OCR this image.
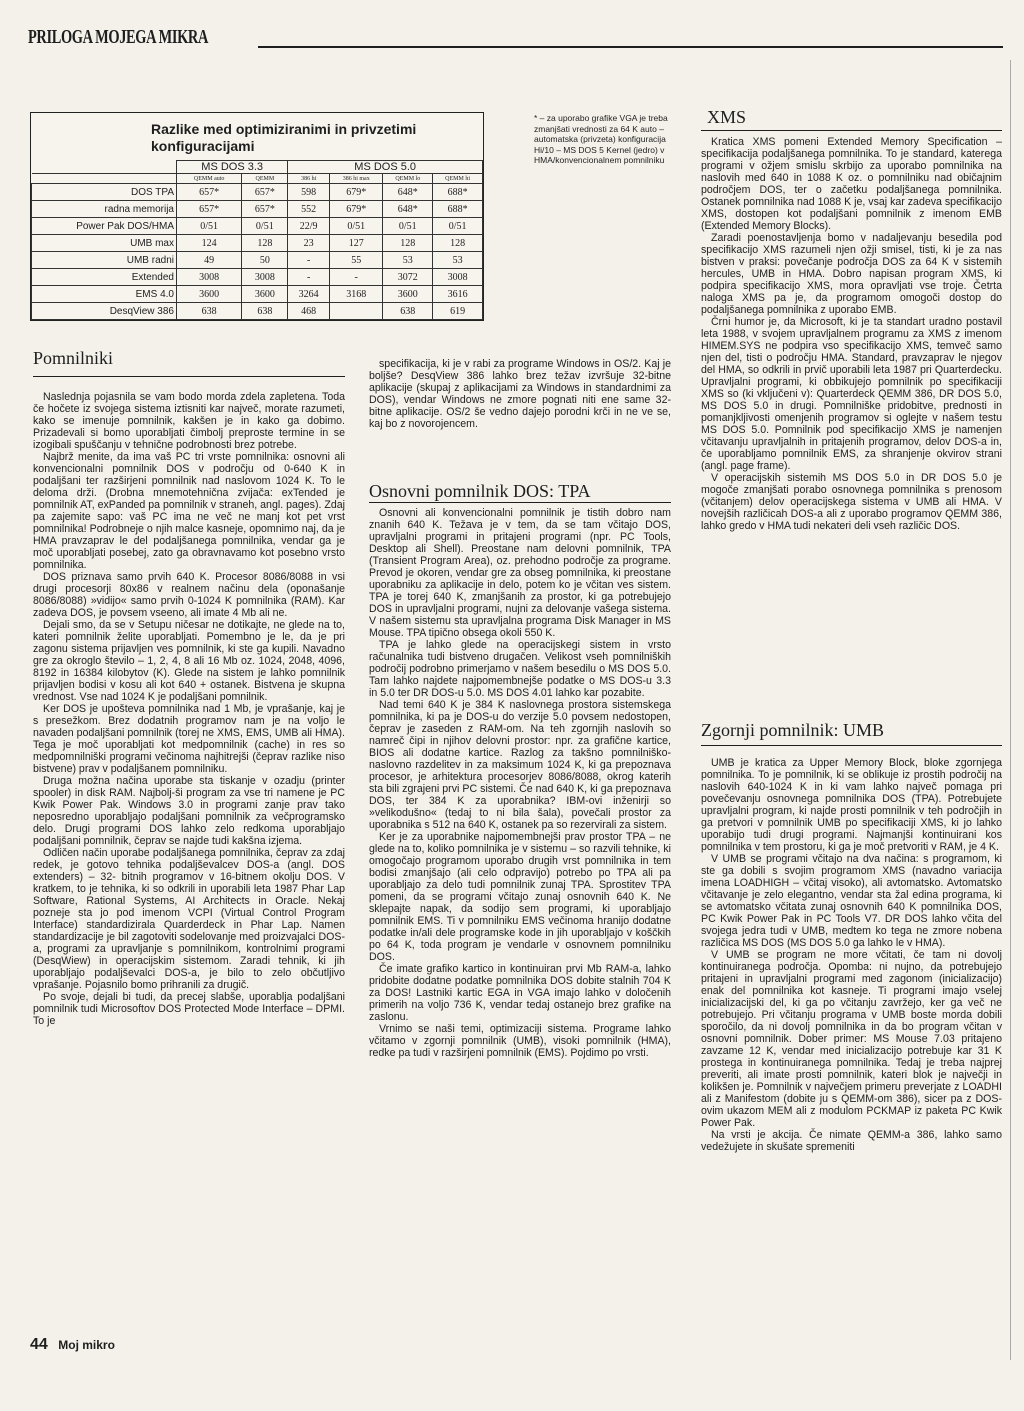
PRILOGA MOJEGA MIKRA
Razlike med optimiziranimi in privzetimi konfiguracijami
	MS DOS 3.3		MS DOS 5.0			
	QEMM auto	QEMM	386 hi	386 hi max	QEMM lo	QEMM hi
DOS TPA	657*	657*	598	679*	648*	688*
radna memorija	657*	657*	552	679*	648*	688*
Power Pak DOS/HMA	0/51	0/51	22/9	0/51	0/51	0/51
UMB max	124	128	23	127	128	128
UMB radni	49	50	-	55	53	53
Extended	3008	3008	-	-	3072	3008
EMS 4.0	3600	3600	3264	3168	3600	3616
DesqView 386	638	638	468		638	619
* – za uporabo grafike VGA je treba zmanjšati vrednosti za 64 K auto – automatska (privzeta) konfiguracija Hi/10 – MS DOS 5 Kernel (jedro) v HMA/konvencionalnem pomnilniku
Pomnilniki

Naslednja pojasnila se vam bodo morda zdela zapletena. Toda če hočete iz svojega sistema iztisniti kar največ, morate razumeti, kako se imenuje pomnilnik, kakšen je in kako ga dobimo. Prizadevali si bomo uporabljati čimbolj preproste termine in se izogibali spuščanju v tehnične podrobnosti brez potrebe.

Najbrž menite, da ima vaš PC tri vrste pomnilnika: osnovni ali konvencionalni pomnilnik DOS v področju od 0-640 K in podaljšani ter razširjeni pomnilnik nad naslovom 1024 K. To le deloma drži. (Drobna mnemotehnična zvijača: exTended je pomnilnik AT, exPanded pa pomnilnik v straneh, angl. pages). Zdaj pa zajemite sapo: vaš PC ima ne več ne manj kot pet vrst pomnilnika! Podrobneje o njih malce kasneje, opomnimo naj, da je HMA pravzaprav le del podaljšanega pomnilnika, vendar ga je moč uporabljati posebej, zato ga obravnavamo kot posebno vrsto pomnilnika.

DOS priznava samo prvih 640 K. Procesor 8086/8088 in vsi drugi procesorji 80x86 v realnem načinu dela (oponašanje 8086/8088) »vidijo« samo prvih 0-1024 K pomnilnika (RAM). Kar zadeva DOS, je povsem vseeno, ali imate 4 Mb ali ne.

Dejali smo, da se v Setupu ničesar ne dotikajte, ne glede na to, kateri pomnilnik želite uporabljati. Pomembno je le, da je pri zagonu sistema prijavljen ves pomnilnik, ki ste ga kupili. Navadno gre za okroglo število – 1, 2, 4, 8 ali 16 Mb oz. 1024, 2048, 4096, 8192 in 16384 kilobytov (K). Glede na sistem je lahko pomnilnik prijavljen bodisi v kosu ali kot 640 + ostanek. Bistvena je skupna vrednost. Vse nad 1024 K je podaljšani pomnilnik.

Ker DOS je upošteva pomnilnika nad 1 Mb, je vprašanje, kaj je s presežkom. Brez dodatnih programov nam je na voljo le navaden podaljšani pomnilnik (torej ne XMS, EMS, UMB ali HMA). Tega je moč uporabljati kot medpomnilnik (cache) in res so medpomnilniški programi večinoma najhitrejši (čeprav razlike niso bistvene) prav v podaljšanem pomnilniku.

Druga možna načina uporabe sta tiskanje v ozadju (printer spooler) in disk RAM. Najbolj-ši program za vse tri namene je PC Kwik Power Pak. Windows 3.0 in programi zanje prav tako neposredno uporabljajo podaljšani pomnilnik za večprogramsko delo. Drugi programi DOS lahko zelo redkoma uporabljajo podaljšani pomnilnik, čeprav se najde tudi kakšna izjema.

Odličen način uporabe podaljšanega pomnilnika, čeprav za zdaj redek, je gotovo tehnika podaljševalcev DOS-a (angl. DOS extenders) – 32- bitnih programov v 16-bitnem okolju DOS. V kratkem, to je tehnika, ki so odkrili in uporabili leta 1987 Phar Lap Software, Rational Systems, AI Architects in Oracle. Nekaj pozneje sta jo pod imenom VCPI (Virtual Control Program Interface) standardizirala Quarderdeck in Phar Lap. Namen standardizacije je bil zagotoviti sodelovanje med proizvajalci DOS-a, programi za upravljanje s pomnilnikom, kontrolnimi programi (DesqWiew) in operacijskim sistemom. Zaradi tehnik, ki jih uporabljajo podaljševalci DOS-a, je bilo to zelo občutljivo vprašanje. Pojasnilo bomo prihranili za drugič.

Po svoje, dejali bi tudi, da precej slabše, uporablja podaljšani pomnilnik tudi Microsoftov DOS Protected Mode Interface – DPMI. To je

specifikacija, ki je v rabi za programe Windows in OS/2. Kaj je boljše? DesqView 386 lahko brez težav izvršuje 32-bitne aplikacije (skupaj z aplikacijami za Windows in standardnimi za DOS), vendar Windows ne zmore pognati niti ene same 32-bitne aplikacije. OS/2 še vedno dajejo porodni krči in ne ve se, kaj bo z novorojencem.

Osnovni pomnilnik DOS: TPA

Osnovni ali konvencionalni pomnilnik je tistih dobro nam znanih 640 K. Težava je v tem, da se tam včitajo DOS, upravljalni programi in pritajeni programi (npr. PC Tools, Desktop ali Shell). Preostane nam delovni pomnilnik, TPA (Transient Program Area), oz. prehodno področje za programe. Prevod je okoren, vendar gre za obseg pomnilnika, ki preostane uporabniku za aplikacije in delo, potem ko je včitan ves sistem. TPA je torej 640 K, zmanjšanih za prostor, ki ga potrebujejo DOS in upravljalni programi, nujni za delovanje vašega sistema. V našem sistemu sta upravljalna programa Disk Manager in MS Mouse. TPA tipično obsega okoli 550 K.

TPA je lahko glede na operacijskegi sistem in vrsto računalnika tudi bistveno drugačen. Velikost vseh pomnilniških področij podrobno primerjamo v našem besedilu o MS DOS 5.0. Tam lahko najdete najpomembnejše podatke o MS DOS-u 3.3 in 5.0 ter DR DOS-u 5.0. MS DOS 4.01 lahko kar pozabite.

Nad temi 640 K je 384 K naslovnega prostora sistemskega pomnilnika, ki pa je DOS-u do verzije 5.0 povsem nedostopen, čeprav je zaseden z RAM-om. Na teh zgornjih naslovih so namreč čipi in njihov delovni prostor: npr. za grafične kartice, BIOS ali dodatne kartice. Razlog za takšno pomnilniško-naslovno razdelitev in za maksimum 1024 K, ki ga prepoznava procesor, je arhitektura procesorjev 8086/8088, okrog katerih sta bili zgrajeni prvi PC sistemi. Če nad 640 K, ki ga prepoznava DOS, ter 384 K za uporabnika? IBM-ovi inženirji so »velikodušno« (tedaj to ni bila šala), povečali prostor za uporabnika s 512 na 640 K, ostanek pa so rezervirali za sistem.

Ker je za uporabnike najpomembnejši prav prostor TPA – ne glede na to, koliko pomnilnika je v sistemu – so razvili tehnike, ki omogočajo programom uporabo drugih vrst pomnilnika in tem bodisi zmanjšajo (ali celo odpravijo) potrebo po TPA ali pa uporabljajo za delo tudi pomnilnik zunaj TPA. Sprostitev TPA pomeni, da se programi včitajo zunaj osnovnih 640 K. Ne sklepajte napak, da sodijo sem programi, ki uporabljajo pomnilnik EMS. Ti v pomnilniku EMS večinoma hranijo dodatne podatke in/ali dele programske kode in jih uporabljajo v koščkih po 64 K, toda program je vendarle v osnovnem pomnilniku DOS.

Če imate grafiko kartico in kontinuiran prvi Mb RAM-a, lahko pridobite dodatne podatke pomnilnika DOS dobite stalnih 704 K za DOS! Lastniki kartic EGA in VGA imajo lahko v določenih primerih na voljo 736 K, vendar tedaj ostanejo brez grafike na zaslonu.

Vrnimo se naši temi, optimizaciji sistema. Programe lahko včitamo v zgornji pomnilnik (UMB), visoki pomnilnik (HMA), redke pa tudi v razširjeni pomnilnik (EMS). Pojdimo po vrsti.

XMS

Kratica XMS pomeni Extended Memory Specification – specifikacija podaljšanega pomnilnika. To je standard, katerega programi v ožjem smislu skrbijo za uporabo pomnilnika na naslovih med 640 in 1088 K oz. o pomnilniku nad običajnim področjem DOS, ter o začetku podaljšanega pomnilnika. Ostanek pomnilnika nad 1088 K je, vsaj kar zadeva specifikacijo XMS, dostopen kot podaljšani pomnilnik z imenom EMB (Extended Memory Blocks).

Zaradi poenostavljenja bomo v nadaljevanju besedila pod specifikacijo XMS razumeli njen ožji smisel, tisti, ki je za nas bistven v praksi: povečanje področja DOS za 64 K v sistemih hercules, UMB in HMA. Dobro napisan program XMS, ki podpira specifikacijo XMS, mora opravljati vse troje. Četrta naloga XMS pa je, da programom omogoči dostop do podaljšanega pomnilnika z uporabo EMB.

Črni humor je, da Microsoft, ki je ta standart uradno postavil leta 1988, v svojem upravljalnem programu za XMS z imenom HIMEM.SYS ne podpira vso specifikacijo XMS, temveč samo njen del, tisti o področju HMA. Standard, pravzaprav le njegov del HMA, so odkrili in prvič uporabili leta 1987 pri Quarterdecku. Upravljalni programi, ki obbikujejo pomnilnik po specifikaciji XMS so (ki vključeni v): Quarterdeck QEMM 386, DR DOS 5.0, MS DOS 5.0 in drugi. Pomnilniške pridobitve, prednosti in pomanjkljivosti omenjenih programov si oglejte v našem testu MS DOS 5.0. Pomnilnik pod specifikacijo XMS je namenjen včitavanju upravljalnih in pritajenih programov, delov DOS-a in, če uporabljamo pomnilnik EMS, za shranjenje okvirov strani (angl. page frame).

V operacijskih sistemih MS DOS 5.0 in DR DOS 5.0 je mogoče zmanjšati porabo osnovnega pomnilnika s prenosom (včitanjem) delov operacijskega sistema v UMB ali HMA. V novejših različicah DOS-a ali z uporabo programov QEMM 386, lahko gredo v HMA tudi nekateri deli vseh različic DOS.

Zgornji pomnilnik: UMB

UMB je kratica za Upper Memory Block, bloke zgornjega pomnilnika. To je pomnilnik, ki se oblikuje iz prostih področij na naslovih 640-1024 K in ki vam lahko največ pomaga pri povečevanju osnovnega pomnilnika DOS (TPA). Potrebujete upravljalni program, ki najde prosti pomnilnik v teh področjih in ga pretvori v pomnilnik UMB po specifikaciji XMS, ki jo lahko uporabijo tudi drugi programi. Najmanjši kontinuirani kos pomnilnika v tem prostoru, ki ga je moč pretvoriti v RAM, je 4 K.

V UMB se programi včitajo na dva načina: s programom, ki ste ga dobili s svojim programom XMS (navadno variacija imena LOADHIGH – včitaj visoko), ali avtomatsko. Avtomatsko včitavanje je zelo elegantno, vendar sta žal edina programa, ki se avtomatsko včitata zunaj osnovnih 640 K pomnilnika DOS, PC Kwik Power Pak in PC Tools V7. DR DOS lahko včita del svojega jedra tudi v UMB, medtem ko tega ne zmore nobena različica MS DOS (MS DOS 5.0 ga lahko le v HMA).

V UMB se program ne more včitati, če tam ni dovolj kontinuiranega področja. Opomba: ni nujno, da potrebujejo pritajeni in upravljalni programi med zagonom (inicializacijo) enak del pomnilnika kot kasneje. Ti programi imajo vselej inicializacijski del, ki ga po včitanju zavržejo, ker ga več ne potrebujejo. Pri včitanju programa v UMB boste morda dobili sporočilo, da ni dovolj pomnilnika in da bo program včitan v osnovni pomnilnik. Dober primer: MS Mouse 7.03 pritajeno zavzame 12 K, vendar med inicializacijo potrebuje kar 31 K prostega in kontinuiranega pomnilnika. Tedaj je treba najprej preveriti, ali imate prosti pomnilnik, kateri blok je največji in kolikšen je. Pomnilnik v največjem primeru preverjate z LOADHI ali z Manifestom (dobite ju s QEMM-om 386), sicer pa z DOS-ovim ukazom MEM ali z modulom PCKMAP iz paketa PC Kwik Power Pak.

Na vrsti je akcija. Če nimate QEMM-a 386, lahko samo vedežujete in skušate spremeniti

44 Moj mikro
